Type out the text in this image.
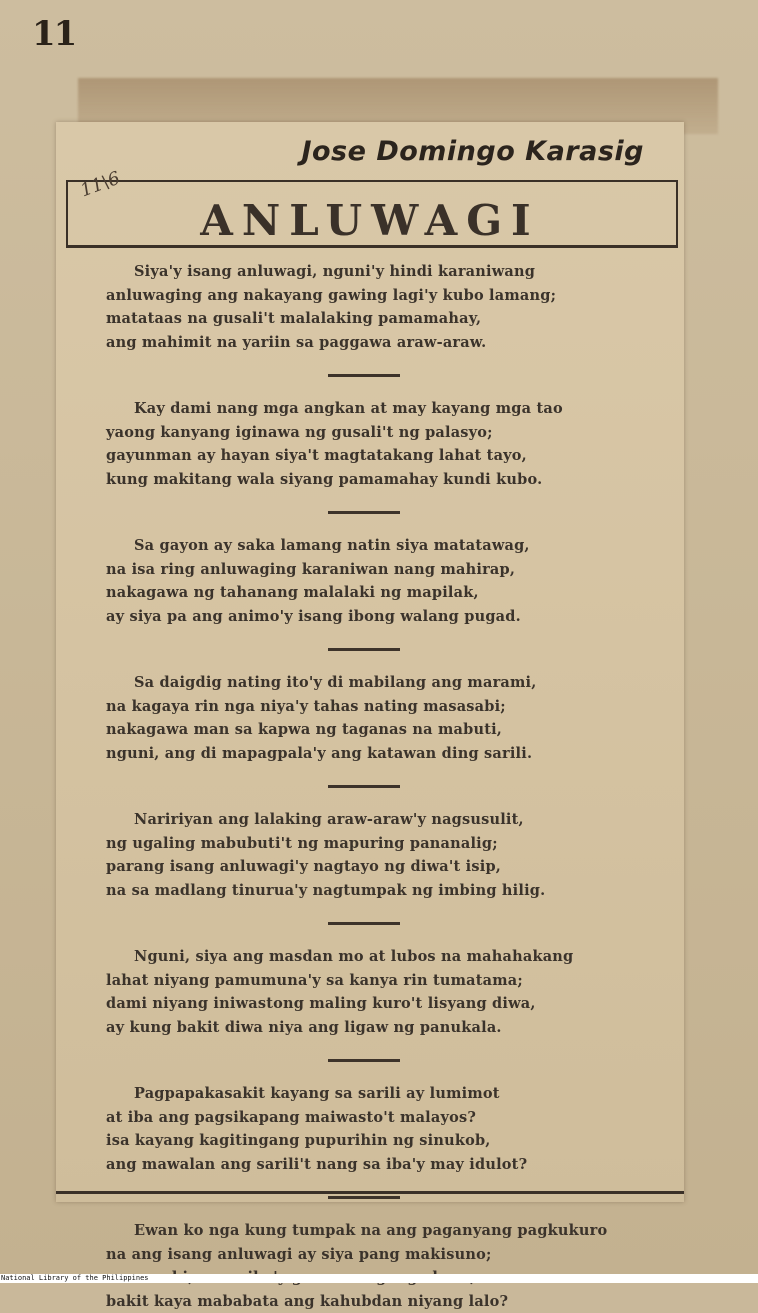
11
Jose Domingo Karasig
11\6
ANLUWAGI
Siya'y isang anluwagi, nguni'y hindi karaniwang
anluwaging ang nakayang gawing lagi'y kubo lamang;
matataas na gusali't malalaking pamamahay,
ang mahimit na yariin sa paggawa araw-araw.
Kay dami nang mga angkan at may kayang mga tao
yaong kanyang iginawa ng gusali't ng palasyo;
gayunman ay hayan siya't magtatakang lahat tayo,
kung makitang wala siyang pamamahay kundi kubo.
Sa gayon ay saka lamang natin siya matatawag,
na isa ring anluwaging karaniwan nang mahirap,
nakagawa ng tahanang malalaki ng mapilak,
ay siya pa ang animo'y isang ibong walang pugad.
Sa daigdig nating ito'y di mabilang ang marami,
na kagaya rin nga niya'y tahas nating masasabi;
nakagawa man sa kapwa ng taganas na mabuti,
nguni, ang di mapagpala'y ang katawan ding sarili.
Naririyan ang lalaking araw-araw'y nagsusulit,
ng ugaling mabubuti't ng mapuring pananalig;
parang isang anluwagi'y nagtayo ng diwa't isip,
na sa madlang tinurua'y nagtumpak ng imbing hilig.
Nguni, siya ang masdan mo at lubos na mahahakang
lahat niyang pamumuna'y sa kanya rin tumatama;
dami niyang iniwastong maling kuro't lisyang diwa,
ay kung bakit diwa niya ang ligaw ng panukala.
Pagpapakasakit kayang sa sarili ay lumimot
at iba ang pagsikapang maiwasto't malayos?
isa kayang kagitingang pupurihin ng sinukob,
ang mawalan ang sarili't nang sa iba'y may idulot?
Ewan ko nga kung tumpak na ang paganyang pagkukuro
na ang isang anluwagi ay siya pang makisuno;
bakit kaya mababata ang kahubdan niyang lalo?
National Library of the Philippines
